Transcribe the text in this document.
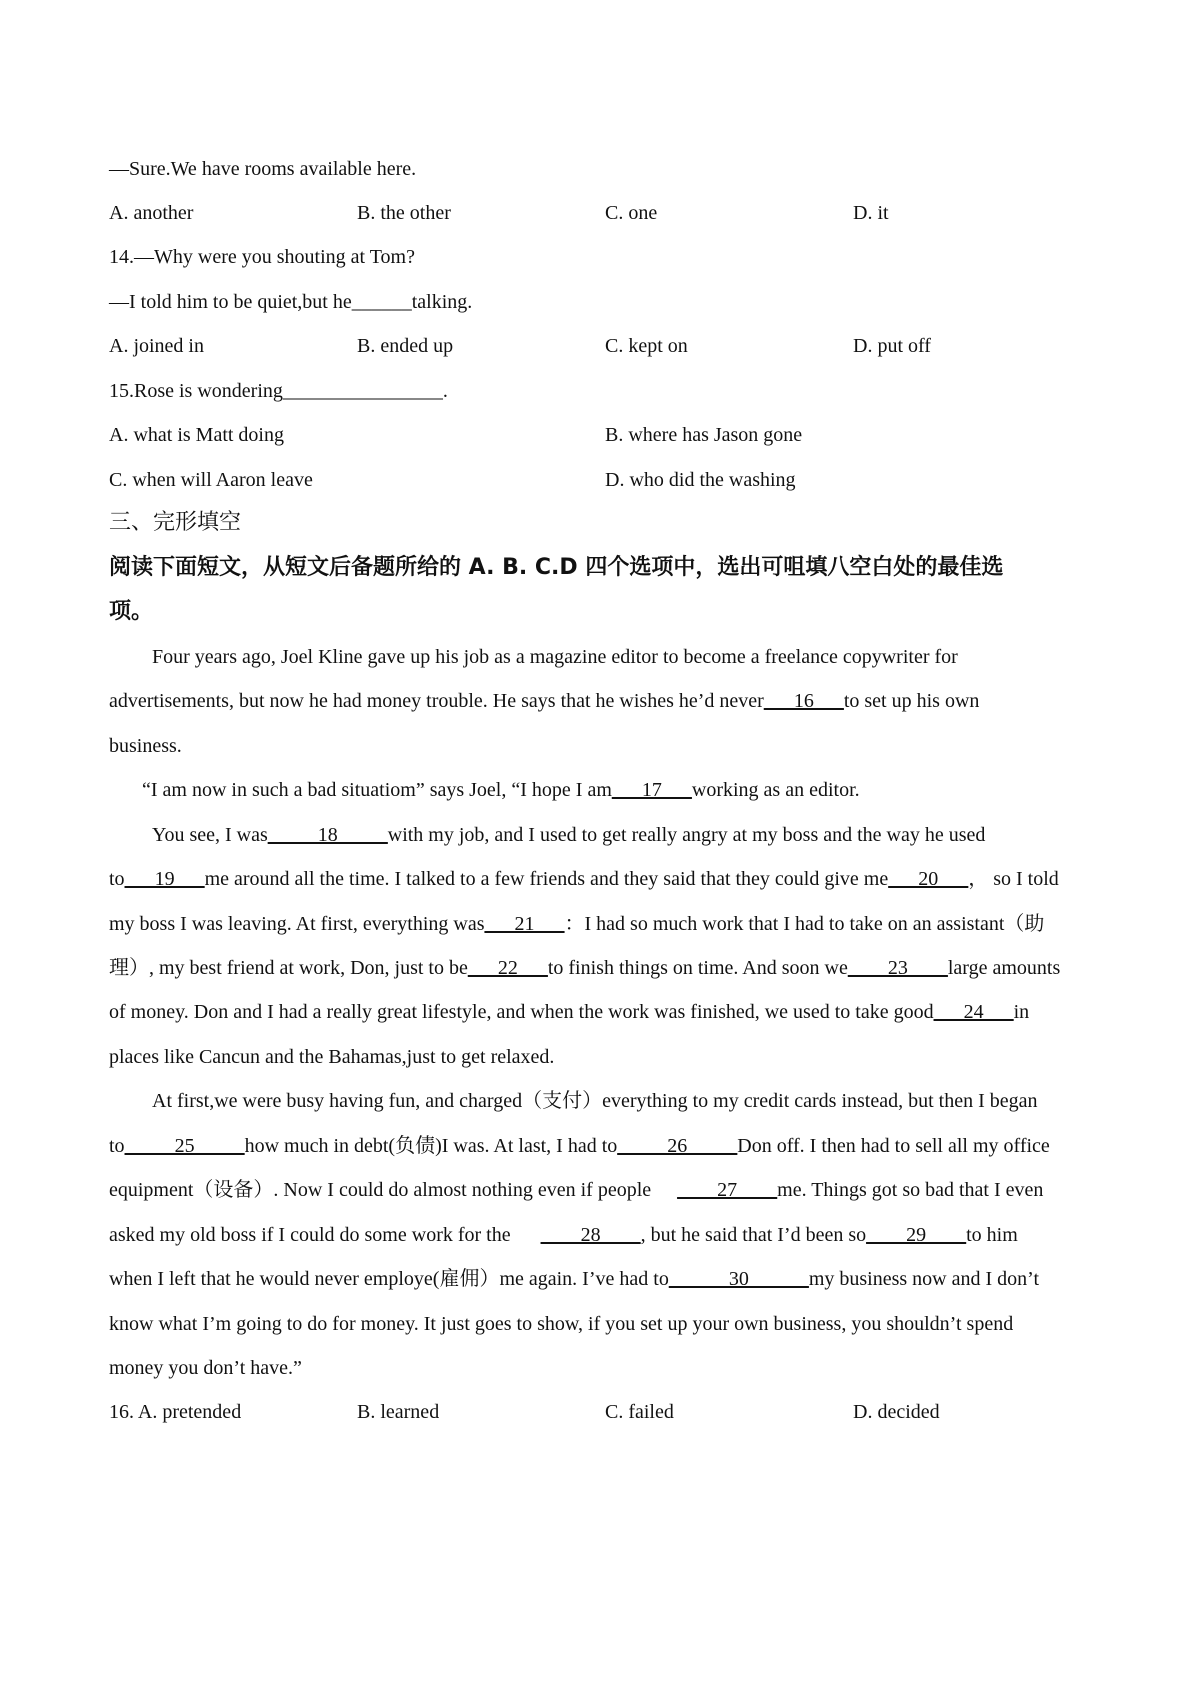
—Sure.We have rooms available here.
A. another	B. the other	C. one	D. it
14.—Why were you shouting at Tom?
—I told him to be quiet,but he______talking.
A. joined in	B. ended up	C. kept on	D. put off
15.Rose is wondering________________.
A. what is Matt doing	B. where has Jason gone
C. when will Aaron leave	D. who did the washing
三、完形填空
阅读下面短文，从短文后备题所给的 A. B. C.D 四个选项中，选出可咀填八空白处的最佳选
项。
Four years ago, Joel Kline gave up his job as a magazine editor to become a freelance copywriter for
advertisements, but now he had money trouble. He says that he wishes he’d never___16___to set up his own
business.
“I am now in such a bad situatiom” says Joel, “I hope I am___17___working as an editor.
You see, I was_____18_____with my job, and I used to get really angry at my boss and the way he used
to___19___me around all the time. I talked to a few friends and they said that they could give me___20___， so I told
my boss I was leaving. At first, everything was___21___：I had so much work that I had to take on an assistant（助
理）, my best friend at work, Don, just to be___22___to finish things on time. And soon we____23____large amounts
of money. Don and I had a really great lifestyle, and when the work was finished, we used to take good___24___in
places like Cancun and the Bahamas,just to get relaxed.
At first,we were busy having fun, and charged（支付）everything to my credit cards instead, but then I began
to_____25_____how much in debt(负债)I was. At last, I had to_____26_____Don off. I then had to sell all my office
equipment（设备）. Now I could do almost nothing even if people ____27____me. Things got so bad that I even
asked my old boss if I could do some work for the ____28____, but he said that I’d been so____29____to him
when I left that he would never employe(雇佣）me again. I’ve had to______30______my business now and I don’t
know what I’m going to do for money. It just goes to show, if you set up your own business, you shouldn’t spend
money you don’t have.”
16. A. pretended	B. learned	C. failed	D. decided
